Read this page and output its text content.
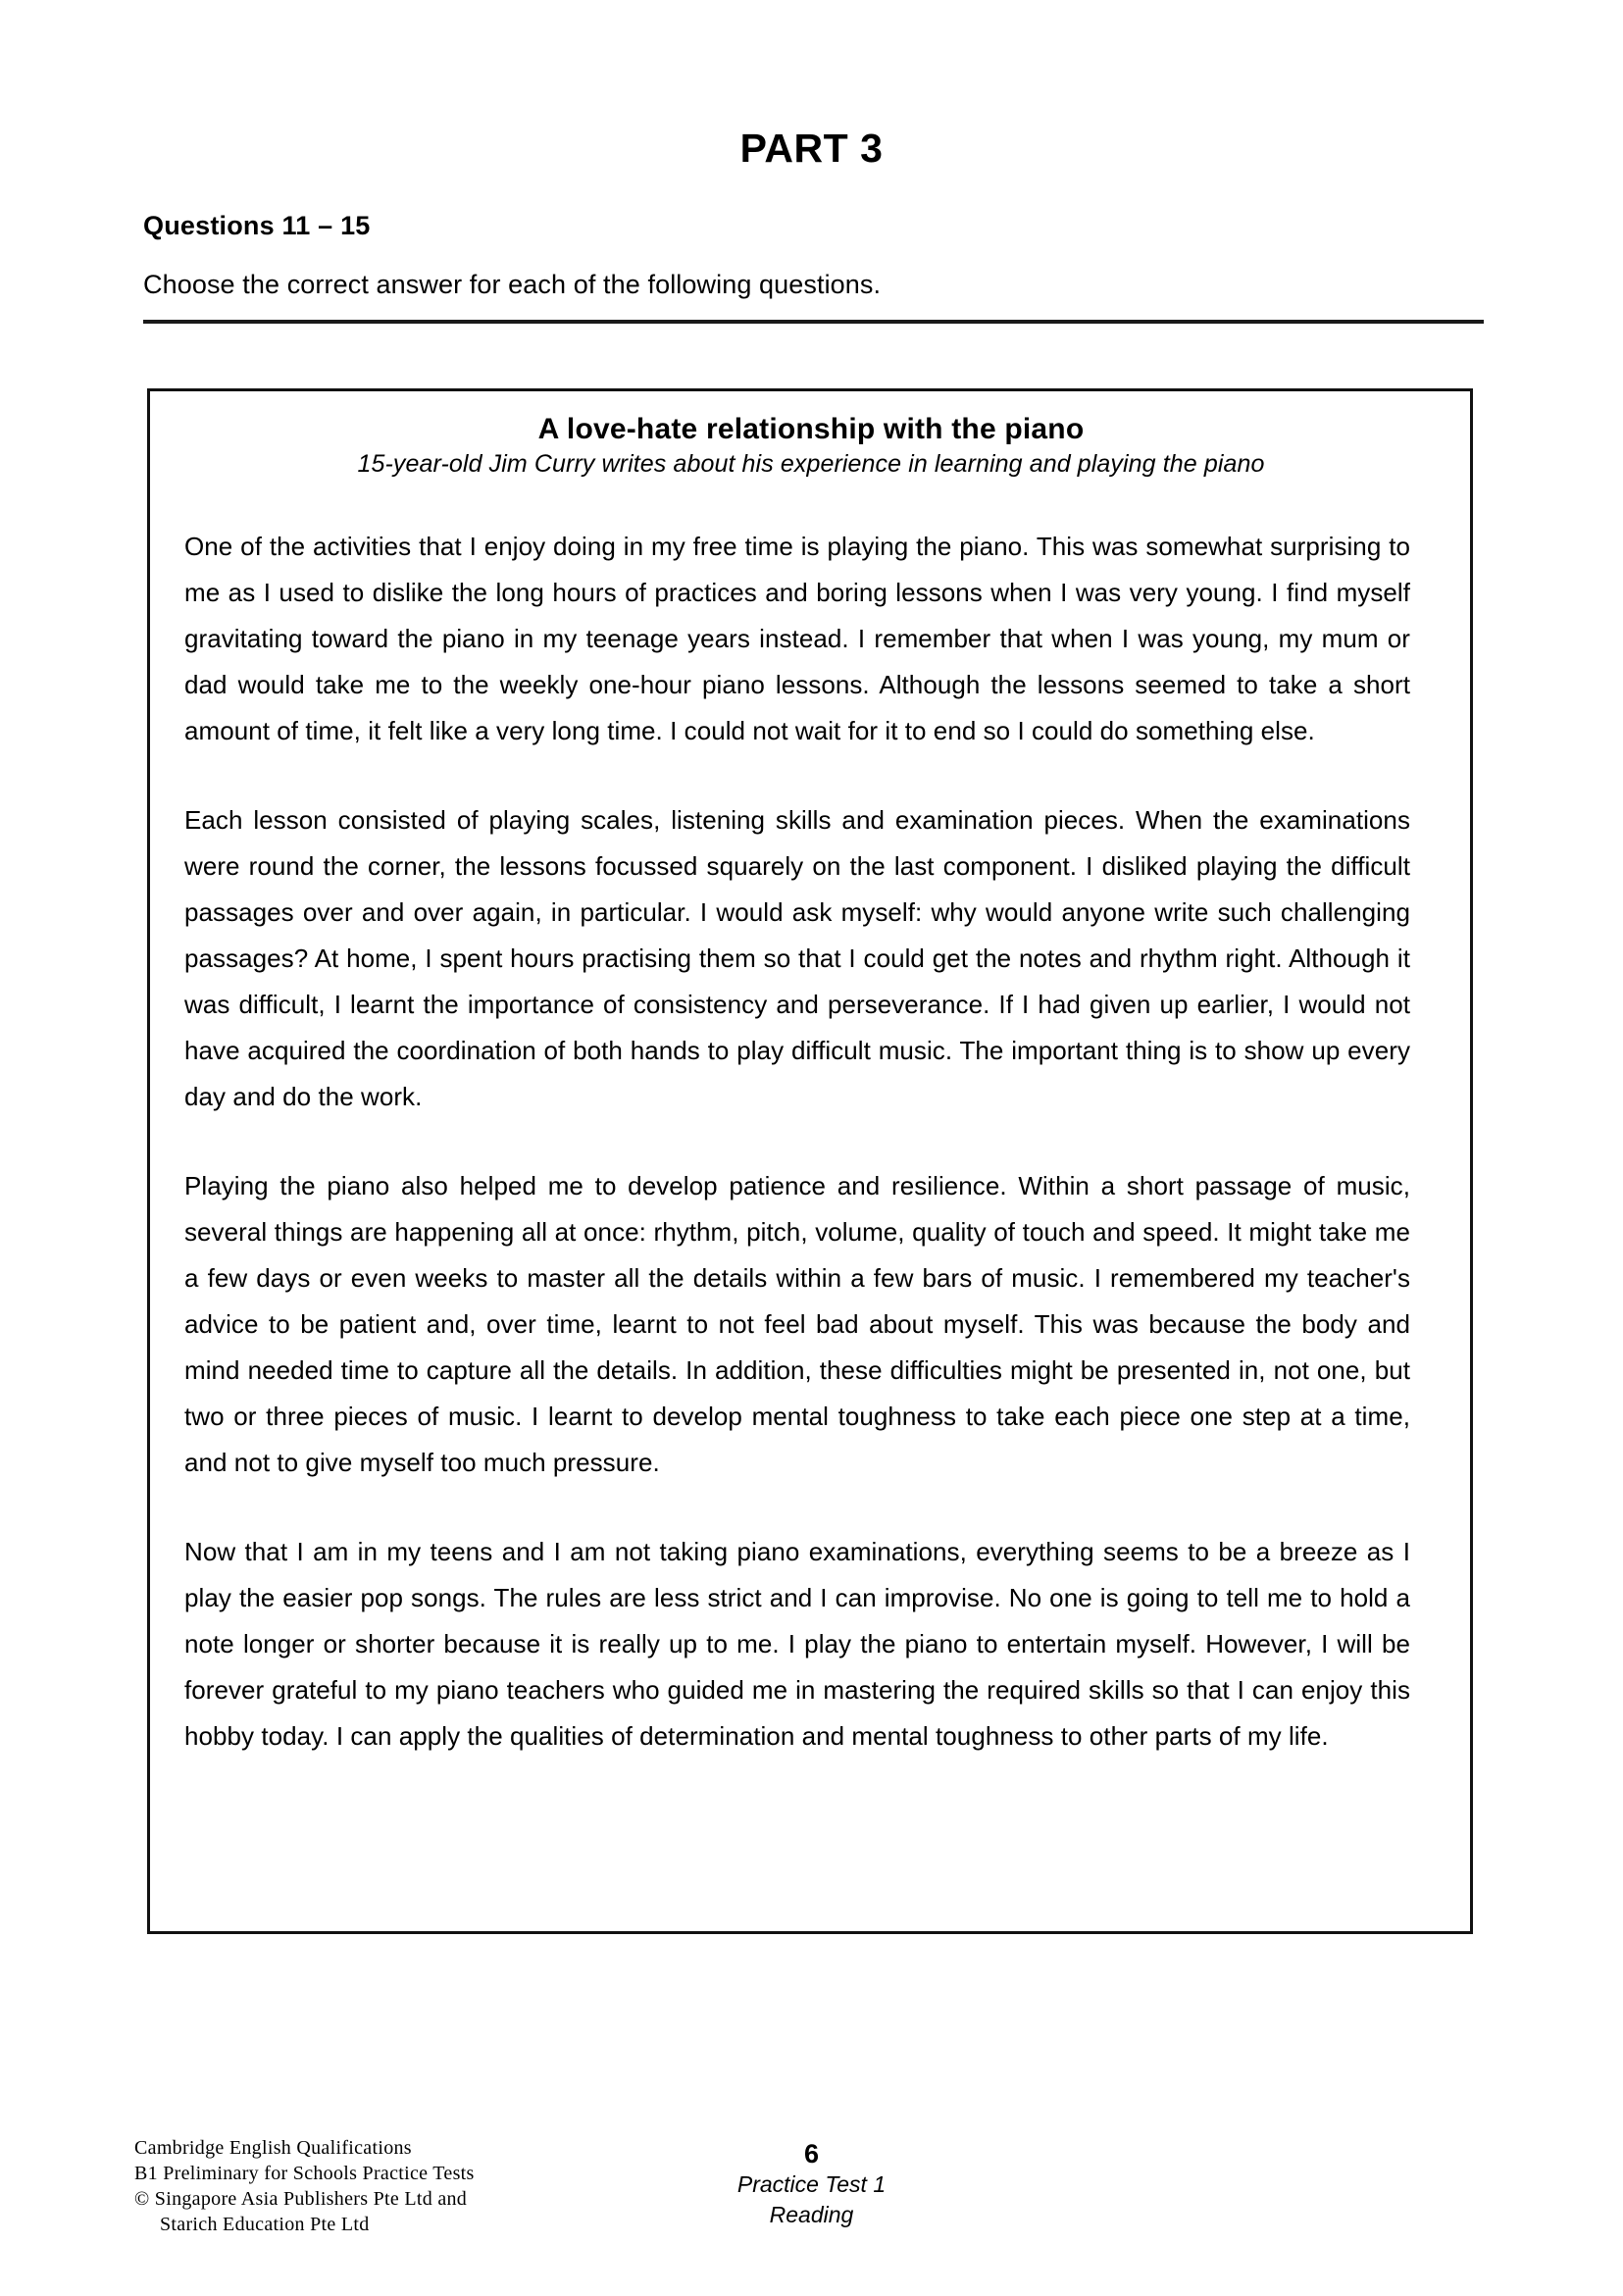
PART 3
Questions 11 – 15
Choose the correct answer for each of the following questions.
A love-hate relationship with the piano
15-year-old Jim Curry writes about his experience in learning and playing the piano

One of the activities that I enjoy doing in my free time is playing the piano. This was somewhat surprising to me as I used to dislike the long hours of practices and boring lessons when I was very young. I find myself gravitating toward the piano in my teenage years instead. I remember that when I was young, my mum or dad would take me to the weekly one-hour piano lessons. Although the lessons seemed to take a short amount of time, it felt like a very long time. I could not wait for it to end so I could do something else.

Each lesson consisted of playing scales, listening skills and examination pieces. When the examinations were round the corner, the lessons focussed squarely on the last component. I disliked playing the difficult passages over and over again, in particular. I would ask myself: why would anyone write such challenging passages? At home, I spent hours practising them so that I could get the notes and rhythm right. Although it was difficult, I learnt the importance of consistency and perseverance. If I had given up earlier, I would not have acquired the coordination of both hands to play difficult music. The important thing is to show up every day and do the work.

Playing the piano also helped me to develop patience and resilience. Within a short passage of music, several things are happening all at once: rhythm, pitch, volume, quality of touch and speed. It might take me a few days or even weeks to master all the details within a few bars of music. I remembered my teacher's advice to be patient and, over time, learnt to not feel bad about myself. This was because the body and mind needed time to capture all the details. In addition, these difficulties might be presented in, not one, but two or three pieces of music. I learnt to develop mental toughness to take each piece one step at a time, and not to give myself too much pressure.

Now that I am in my teens and I am not taking piano examinations, everything seems to be a breeze as I play the easier pop songs. The rules are less strict and I can improvise. No one is going to tell me to hold a note longer or shorter because it is really up to me. I play the piano to entertain myself. However, I will be forever grateful to my piano teachers who guided me in mastering the required skills so that I can enjoy this hobby today. I can apply the qualities of determination and mental toughness to other parts of my life.

Cambridge English Qualifications
B1 Preliminary for Schools Practice Tests
© Singapore Asia Publishers Pte Ltd and
Starich Education Pte Ltd
6
Practice Test 1
Reading
